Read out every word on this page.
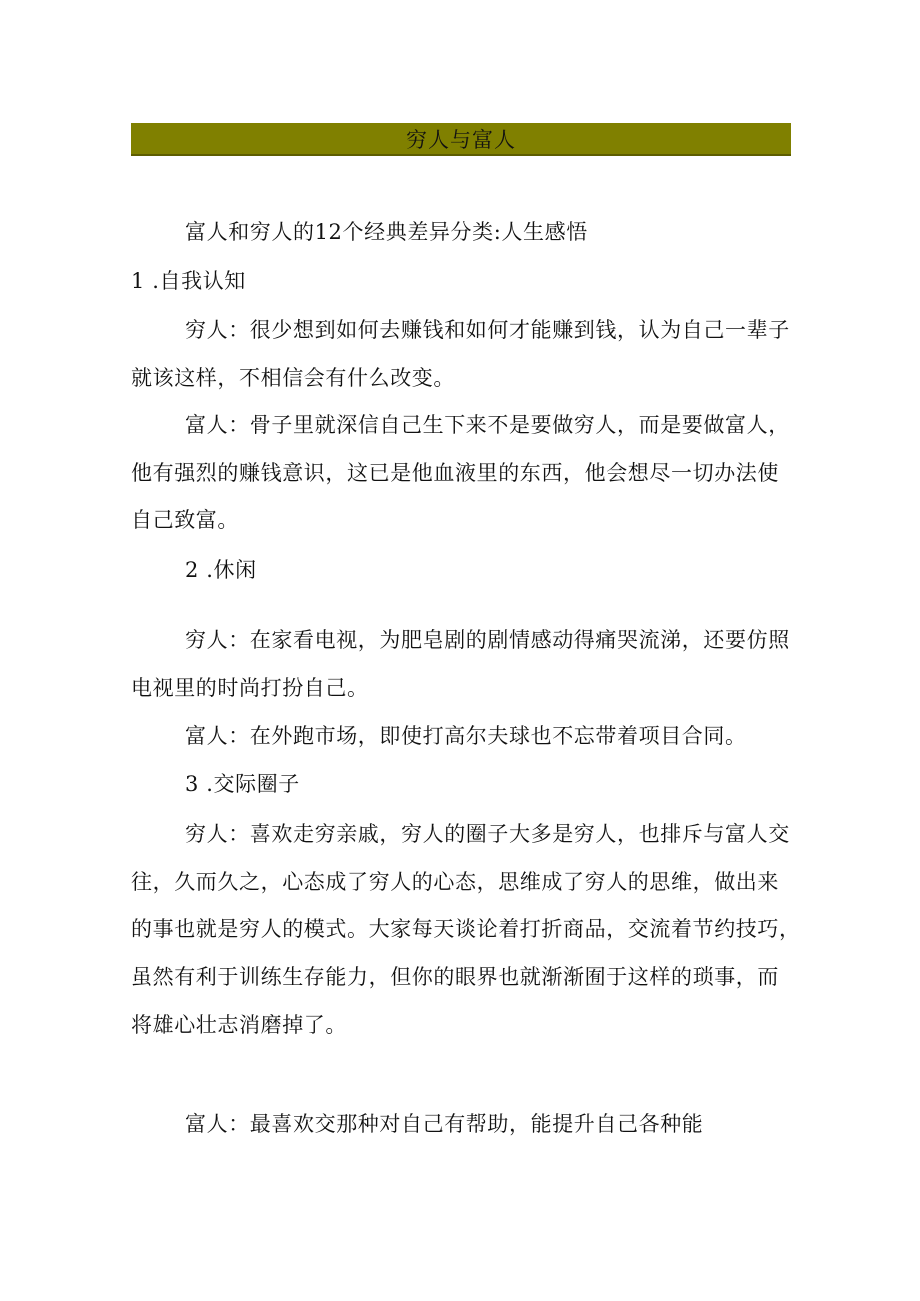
穷人与富人
富人和穷人的12个经典差异分类:人生感悟
1 .自我认知
穷人：很少想到如何去赚钱和如何才能赚到钱，认为自己一辈子
就该这样，不相信会有什么改变。
富人：骨子里就深信自己生下来不是要做穷人，而是要做富人，
他有强烈的赚钱意识，这已是他血液里的东西，他会想尽一切办法使
自己致富。
2 .休闲
穷人：在家看电视，为肥皂剧的剧情感动得痛哭流涕，还要仿照
电视里的时尚打扮自己。
富人：在外跑市场，即使打高尔夫球也不忘带着项目合同。
3 .交际圈子
穷人：喜欢走穷亲戚，穷人的圈子大多是穷人，也排斥与富人交
往，久而久之，心态成了穷人的心态，思维成了穷人的思维，做出来
的事也就是穷人的模式。大家每天谈论着打折商品，交流着节约技巧，
虽然有利于训练生存能力，但你的眼界也就渐渐囿于这样的琐事，而
将雄心壮志消磨掉了。
富人：最喜欢交那种对自己有帮助，能提升自己各种能
